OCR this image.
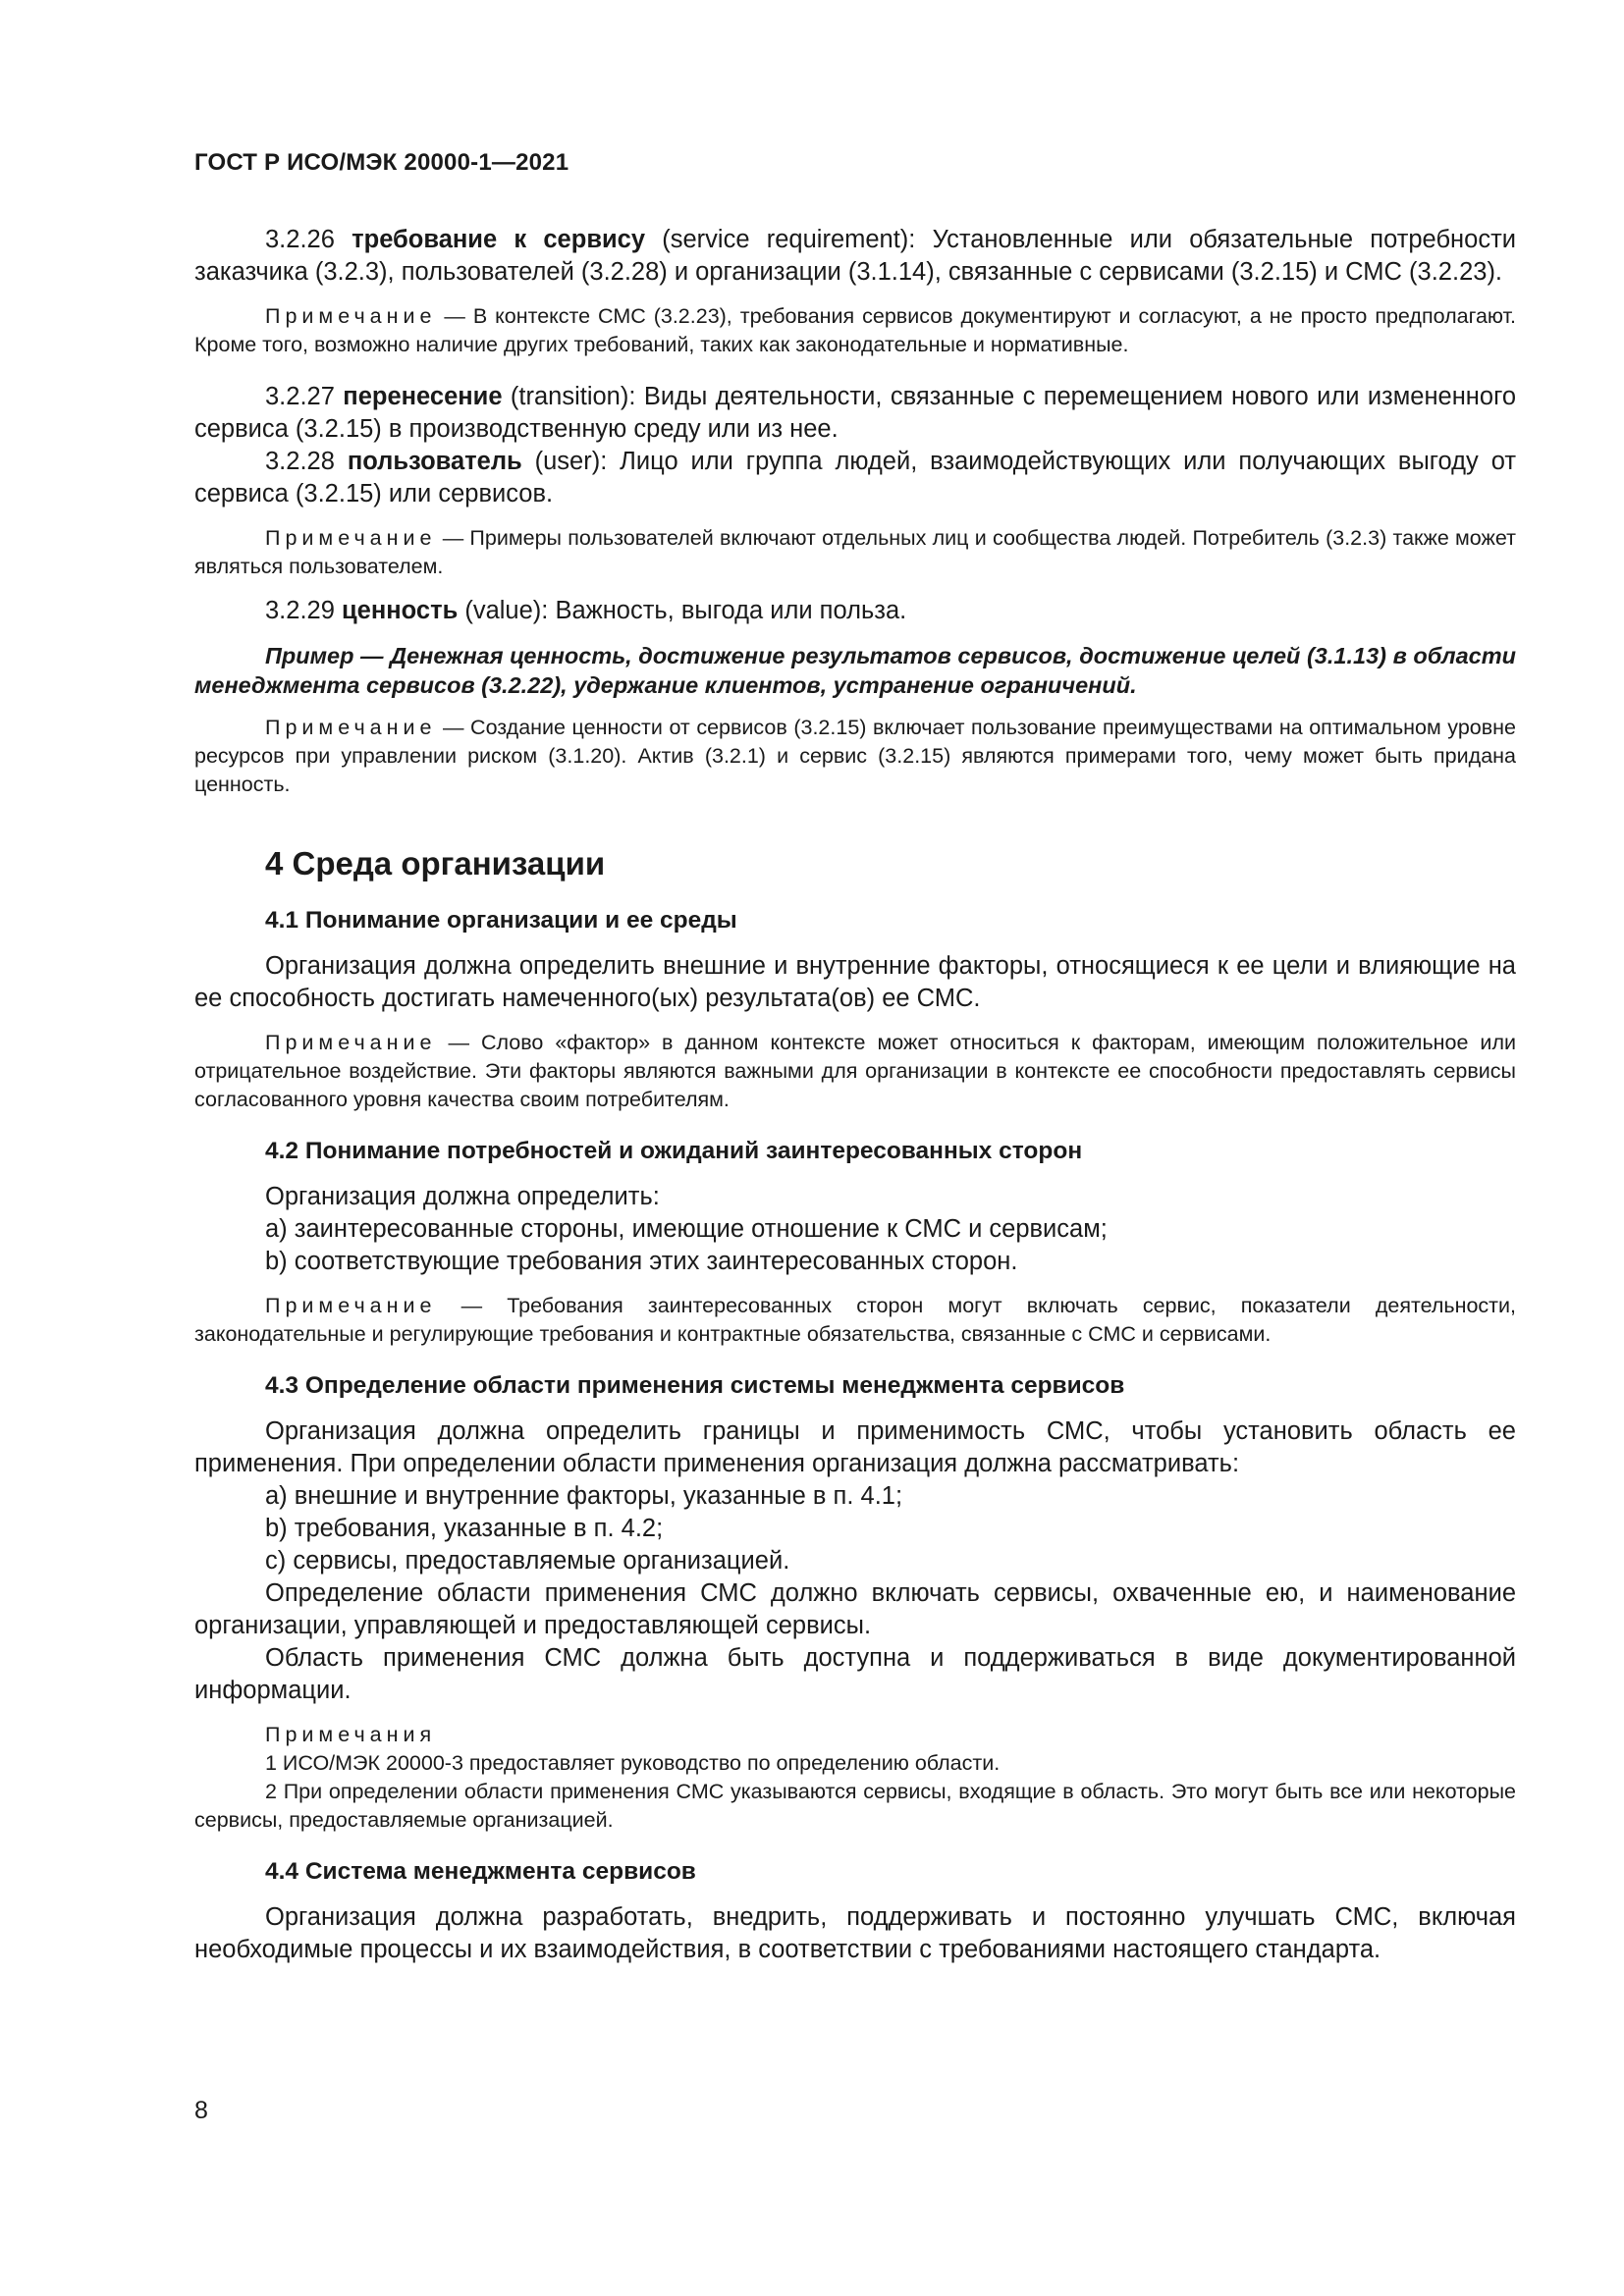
ГОСТ Р ИСО/МЭК 20000-1—2021

3.2.26 требование к сервису (service requirement): Установленные или обязательные потребности заказчика (3.2.3), пользователей (3.2.28) и организации (3.1.14), связанные с сервисами (3.2.15) и СМС (3.2.23).

Примечание — В контексте СМС (3.2.23), требования сервисов документируют и согласуют, а не просто предполагают. Кроме того, возможно наличие других требований, таких как законодательные и нормативные.

3.2.27 перенесение (transition): Виды деятельности, связанные с перемещением нового или измененного сервиса (3.2.15) в производственную среду или из нее.

3.2.28 пользователь (user): Лицо или группа людей, взаимодействующих или получающих выгоду от сервиса (3.2.15) или сервисов.

Примечание — Примеры пользователей включают отдельных лиц и сообщества людей. Потребитель (3.2.3) также может являться пользователем.

3.2.29 ценность (value): Важность, выгода или польза.

Пример — Денежная ценность, достижение результатов сервисов, достижение целей (3.1.13) в области менеджмента сервисов (3.2.22), удержание клиентов, устранение ограничений.

Примечание — Создание ценности от сервисов (3.2.15) включает пользование преимуществами на оптимальном уровне ресурсов при управлении риском (3.1.20). Актив (3.2.1) и сервис (3.2.15) являются примерами того, чему может быть придана ценность.

4 Среда организации
4.1 Понимание организации и ее среды

Организация должна определить внешние и внутренние факторы, относящиеся к ее цели и влияющие на ее способность достигать намеченного(ых) результата(ов) ее СМС.

Примечание — Слово «фактор» в данном контексте может относиться к факторам, имеющим положительное или отрицательное воздействие. Эти факторы являются важными для организации в контексте ее способности предоставлять сервисы согласованного уровня качества своим потребителям.

4.2 Понимание потребностей и ожиданий заинтересованных сторон

Организация должна определить:

a) заинтересованные стороны, имеющие отношение к СМС и сервисам;

b) соответствующие требования этих заинтересованных сторон.

Примечание — Требования заинтересованных сторон могут включать сервис, показатели деятельности, законодательные и регулирующие требования и контрактные обязательства, связанные с СМС и сервисами.

4.3 Определение области применения системы менеджмента сервисов

Организация должна определить границы и применимость СМС, чтобы установить область ее применения. При определении области применения организация должна рассматривать:

a) внешние и внутренние факторы, указанные в п. 4.1;

b) требования, указанные в п. 4.2;

c) сервисы, предоставляемые организацией.

Определение области применения СМС должно включать сервисы, охваченные ею, и наименование организации, управляющей и предоставляющей сервисы.

Область применения СМС должна быть доступна и поддерживаться в виде документированной информации.

Примечания

1 ИСО/МЭК 20000-3 предоставляет руководство по определению области.

2 При определении области применения СМС указываются сервисы, входящие в область. Это могут быть все или некоторые сервисы, предоставляемые организацией.

4.4 Система менеджмента сервисов

Организация должна разработать, внедрить, поддерживать и постоянно улучшать СМС, включая необходимые процессы и их взаимодействия, в соответствии с требованиями настоящего стандарта.

8
